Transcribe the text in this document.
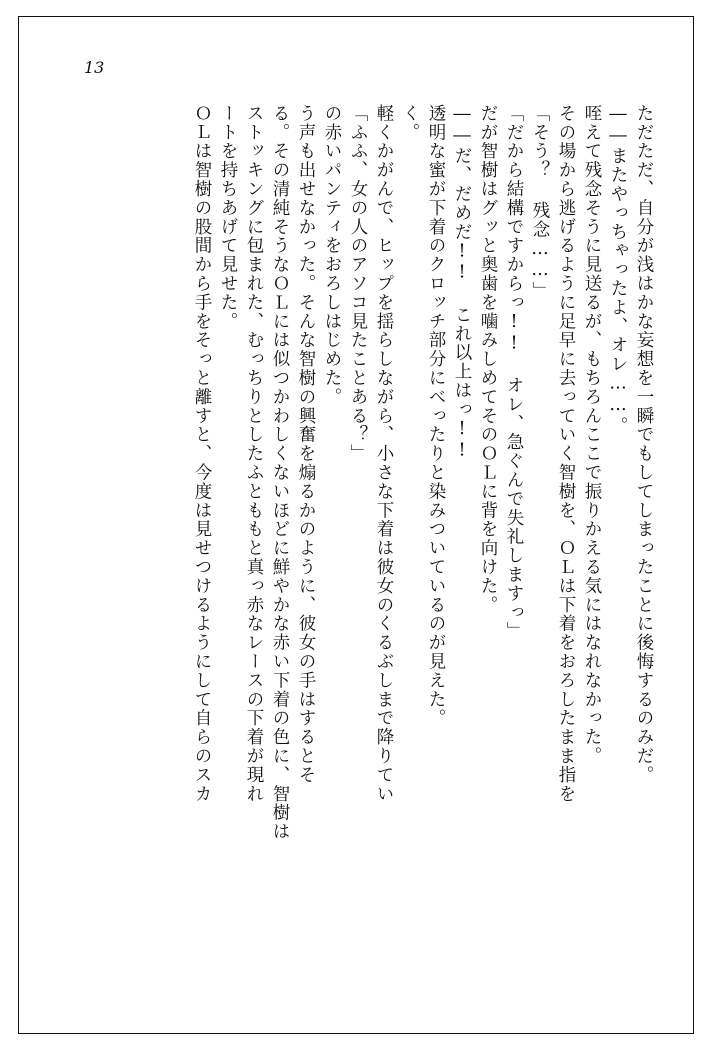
13
ＯＬは智樹の股間から手をそっと離すと、今度は見せつけるようにして自らのスカ ートを持ちあげて見せた。 ストッキングに包まれた、むっちりとしたふとももと真っ赤なレースの下着が現れ る。その清純そうなＯＬには似つかわしくないほどに鮮やかな赤い下着の色に、智樹は う声も出せなかった。そんな智樹の興奮を煽るかのように、彼女の手はするとそ の赤いパンティをおろしはじめた。 「ふふ、女の人のアソコ見たことある？」 軽くかがんで、ヒップを揺らしながら、小さな下着は彼女のくるぶしまで降りてい く。 透明な蜜が下着のクロッチ部分にべったりと染みついているのが見えた。 ――だ、だめだ!! これ以上はっ!! だが智樹はグッと奥歯を噛みしめてそのＯＬに背を向けた。 「だから結構ですからっ!! オレ、急ぐんで失礼しますっ」 「そう？ 残念……」 その場から逃げるように足早に去っていく智樹を、ＯＬは下着をおろしたまま指を 咥えて残念そうに見送るが、もちろんここで振りかえる気にはなれなかった。 ――またやっちゃったよ、オレ……。 ただただ、自分が浅はかな妄想を一瞬でもしてしまったことに後悔するのみだ。
